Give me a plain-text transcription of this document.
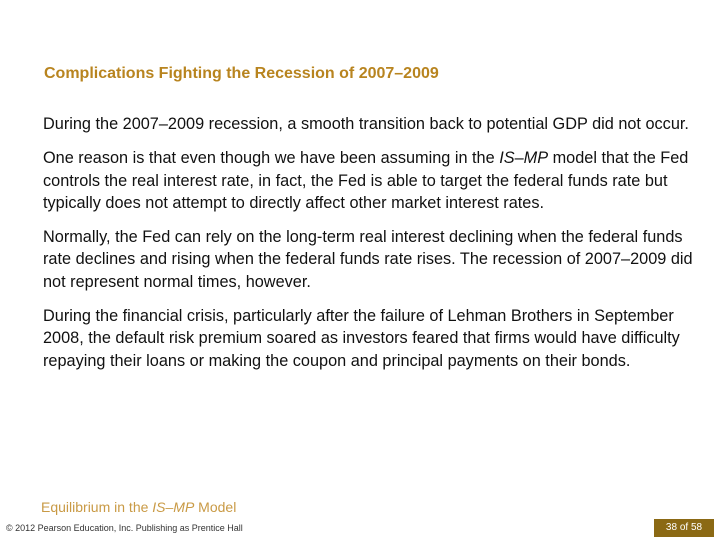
Complications Fighting the Recession of 2007–2009

During the 2007–2009 recession, a smooth transition back to potential GDP did not occur.

One reason is that even though we have been assuming in the IS–MP model that the Fed controls the real interest rate, in fact, the Fed is able to target the federal funds rate but typically does not attempt to directly affect other market interest rates.

Normally, the Fed can rely on the long-term real interest declining when the federal funds rate declines and rising when the federal funds rate rises. The recession of 2007–2009 did not represent normal times, however.

During the financial crisis, particularly after the failure of Lehman Brothers in September 2008, the default risk premium soared as investors feared that firms would have difficulty repaying their loans or making the coupon and principal payments on their bonds.

Equilibrium in the IS–MP Model
© 2012 Pearson Education, Inc. Publishing as Prentice Hall	38 of 58
